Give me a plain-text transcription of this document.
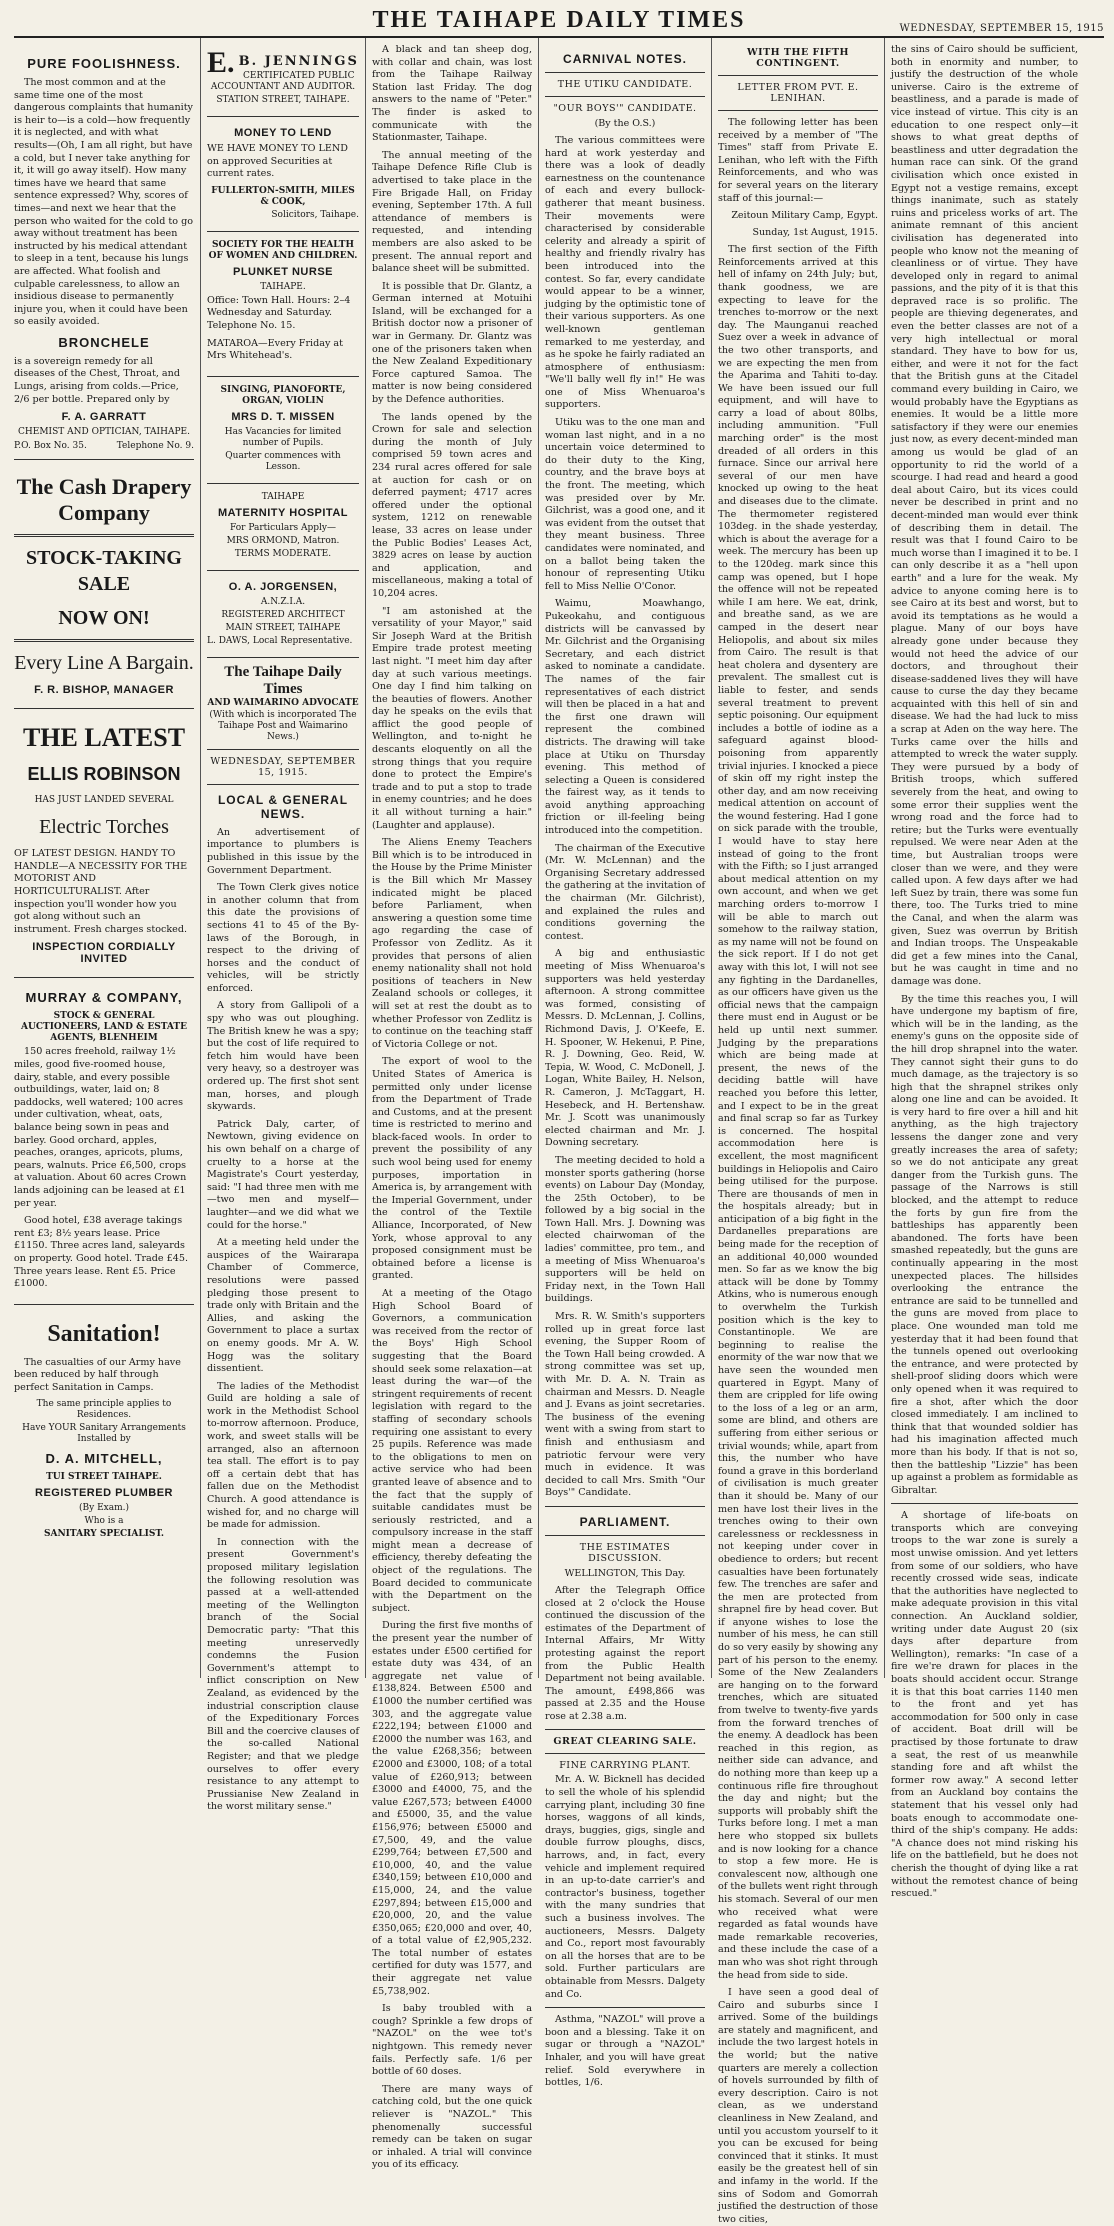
THE TAIHAPE DAILY TIMES	WEDNESDAY, SEPTEMBER 15, 1915
PURE FOOLISHNESS.

The most common and at the same time one of the most dangerous complaints that humanity is heir to—is a cold—how frequently it is neglected, and with what results—(Oh, I am all right, but have a cold, but I never take anything for it, it will go away itself). How many times have we heard that same sentence expressed? Why, scores of times—and next we hear that the person who waited for the cold to go away without treatment has been instructed by his medical attendant to sleep in a tent, because his lungs are affected. What foolish and culpable carelessness, to allow an insidious disease to permanently injure you, when it could have been so easily avoided.

BRONCHELE

is a sovereign remedy for all diseases of the Chest, Throat, and Lungs, arising from colds.—Price, 2/6 per bottle. Prepared only by

F. A. GARRATT
CHEMIST AND OPTICIAN, TAIHAPE.
P.O. Box No. 35.	Telephone No. 9.
The Cash Drapery Company
STOCK-TAKING SALE
NOW ON!
Every Line A Bargain.
F. R. BISHOP, MANAGER
THE LATEST
ELLIS ROBINSON
HAS JUST LANDED SEVERAL
Electric Torches

OF LATEST DESIGN. HANDY TO HANDLE—A NECESSITY FOR THE MOTORIST AND HORTICULTURALIST. After inspection you'll wonder how you got along without such an instrument. Fresh charges stocked.

INSPECTION CORDIALLY INVITED
MURRAY & COMPANY,
STOCK & GENERAL AUCTIONEERS, LAND & ESTATE AGENTS, BLENHEIM

150 acres freehold, railway 1½ miles, good five-roomed house, dairy, stable, and every possible outbuildings, water, laid on; 8 paddocks, well watered; 100 acres under cultivation, wheat, oats, balance being sown in peas and barley. Good orchard, apples, peaches, oranges, apricots, plums, pears, walnuts. Price £6,500, crops at valuation. About 60 acres Crown lands adjoining can be leased at £1 per year.

Good hotel, £38 average takings rent £3; 8½ years lease. Price £1150. Three acres land, saleyards on property. Good hotel. Trade £45. Three years lease. Rent £5. Price £1000.

Sanitation!

The casualties of our Army have been reduced by half through perfect Sanitation in Camps.

The same principle applies to Residences.
Have YOUR Sanitary Arrangements Installed by
D. A. MITCHELL,
TUI STREET TAIHAPE.
REGISTERED PLUMBER
(By Exam.)
Who is a
SANITARY SPECIALIST.
E. B. JENNINGS
CERTIFICATED PUBLIC ACCOUNTANT AND AUDITOR.
STATION STREET, TAIHAPE.
MONEY TO LEND

WE HAVE MONEY TO LEND on approved Securities at current rates.

FULLERTON-SMITH, MILES & COOK,
Solicitors, Taihape.
SOCIETY FOR THE HEALTH OF WOMEN AND CHILDREN.
PLUNKET NURSE
TAIHAPE.

Office: Town Hall. Hours: 2–4 Wednesday and Saturday. Telephone No. 15.

MATAROA—Every Friday at Mrs Whitehead's.

SINGING, PIANOFORTE, ORGAN, VIOLIN
MRS D. T. MISSEN
Has Vacancies for limited number of Pupils.
Quarter commences with Lesson.
TAIHAPE
MATERNITY HOSPITAL
For Particulars Apply—
MRS ORMOND, Matron.
TERMS MODERATE.
O. A. JORGENSEN,
A.N.Z.I.A.
REGISTERED ARCHITECT
MAIN STREET, TAIHAPE
L. DAWS, Local Representative.
The Taihape Daily Times
AND WAIMARINO ADVOCATE
(With which is incorporated The Taihape Post and Waimarino News.)
WEDNESDAY, SEPTEMBER 15, 1915.
LOCAL & GENERAL NEWS.

An advertisement of importance to plumbers is published in this issue by the Government Department.

The Town Clerk gives notice in another column that from this date the provisions of sections 41 to 45 of the By-laws of the Borough, in respect to the driving of horses and the conduct of vehicles, will be strictly enforced.

A story from Gallipoli of a spy who was out ploughing. The British knew he was a spy; but the cost of life required to fetch him would have been very heavy, so a destroyer was ordered up. The first shot sent man, horses, and plough skywards.

Patrick Daly, carter, of Newtown, giving evidence on his own behalf on a charge of cruelty to a horse at the Magistrate's Court yesterday, said: "I had three men with me—two men and myself—laughter—and we did what we could for the horse."

At a meeting held under the auspices of the Wairarapa Chamber of Commerce, resolutions were passed pledging those present to trade only with Britain and the Allies, and asking the Government to place a surtax on enemy goods. Mr A. W. Hogg was the solitary dissentient.

The ladies of the Methodist Guild are holding a sale of work in the Methodist School to-morrow afternoon. Produce, work, and sweet stalls will be arranged, also an afternoon tea stall. The effort is to pay off a certain debt that has fallen due on the Methodist Church. A good attendance is wished for, and no charge will be made for admission.

In connection with the present Government's proposed military legislation the following resolution was passed at a well-attended meeting of the Wellington branch of the Social Democratic party: "That this meeting unreservedly condemns the Fusion Government's attempt to inflict conscription on New Zealand, as evidenced by the industrial conscription clause of the Expeditionary Forces Bill and the coercive clauses of the so-called National Register; and that we pledge ourselves to offer every resistance to any attempt to Prussianise New Zealand in the worst military sense."

A black and tan sheep dog, with collar and chain, was lost from the Taihape Railway Station last Friday. The dog answers to the name of "Peter." The finder is asked to communicate with the Stationmaster, Taihape.

The annual meeting of the Taihape Defence Rifle Club is advertised to take place in the Fire Brigade Hall, on Friday evening, September 17th. A full attendance of members is requested, and intending members are also asked to be present. The annual report and balance sheet will be submitted.

It is possible that Dr. Glantz, a German interned at Motuihi Island, will be exchanged for a British doctor now a prisoner of war in Germany. Dr. Glantz was one of the prisoners taken when the New Zealand Expeditionary Force captured Samoa. The matter is now being considered by the Defence authorities.

The lands opened by the Crown for sale and selection during the month of July comprised 59 town acres and 234 rural acres offered for sale at auction for cash or on deferred payment; 4717 acres offered under the optional system, 1212 on renewable lease, 33 acres on lease under the Public Bodies' Leases Act, 3829 acres on lease by auction and application, and miscellaneous, making a total of 10,204 acres.

"I am astonished at the versatility of your Mayor," said Sir Joseph Ward at the British Empire trade protest meeting last night. "I meet him day after day at such various meetings. One day I find him talking on the beauties of flowers. Another day he speaks on the evils that afflict the good people of Wellington, and to-night he descants eloquently on all the strong things that you require done to protect the Empire's trade and to put a stop to trade in enemy countries; and he does it all without turning a hair." (Laughter and applause).

The Aliens Enemy Teachers Bill which is to be introduced in the House by the Prime Minister is the Bill which Mr Massey indicated might be placed before Parliament, when answering a question some time ago regarding the case of Professor von Zedlitz. As it provides that persons of alien enemy nationality shall not hold positions of teachers in New Zealand schools or colleges, it will set at rest the doubt as to whether Professor von Zedlitz is to continue on the teaching staff of Victoria College or not.

The export of wool to the United States of America is permitted only under license from the Department of Trade and Customs, and at the present time is restricted to merino and black-faced wools. In order to prevent the possibility of any such wool being used for enemy purposes, importation in America is, by arrangement with the Imperial Government, under the control of the Textile Alliance, Incorporated, of New York, whose approval to any proposed consignment must be obtained before a license is granted.

At a meeting of the Otago High School Board of Governors, a communication was received from the rector of the Boys' High School suggesting that the Board should seek some relaxation—at least during the war—of the stringent requirements of recent legislation with regard to the staffing of secondary schools requiring one assistant to every 25 pupils. Reference was made to the obligations to men on active service who had been granted leave of absence and to the fact that the supply of suitable candidates must be seriously restricted, and a compulsory increase in the staff might mean a decrease of efficiency, thereby defeating the object of the regulations. The Board decided to communicate with the Department on the subject.

During the first five months of the present year the number of estates under £500 certified for estate duty was 434, of an aggregate net value of £138,824. Between £500 and £1000 the number certified was 303, and the aggregate value £222,194; between £1000 and £2000 the number was 163, and the value £268,356; between £2000 and £3000, 108; of a total value of £260,913; between £3000 and £4000, 75, and the value £267,573; between £4000 and £5000, 35, and the value £156,976; between £5000 and £7,500, 49, and the value £299,764; between £7,500 and £10,000, 40, and the value £340,159; between £10,000 and £15,000, 24, and the value £297,894; between £15,000 and £20,000, 20, and the value £350,065; £20,000 and over, 40, of a total value of £2,905,232. The total number of estates certified for duty was 1577, and their aggregate net value £5,738,902.

Is baby troubled with a cough? Sprinkle a few drops of "NAZOL" on the wee tot's nightgown. This remedy never fails. Perfectly safe. 1/6 per bottle of 60 doses.

There are many ways of catching cold, but the one quick reliever is "NAZOL." This phenomenally successful remedy can be taken on sugar or inhaled. A trial will convince you of its efficacy.

CARNIVAL NOTES.
THE UTIKU CANDIDATE.
"OUR BOYS'" CANDIDATE.
(By the O.S.)

The various committees were hard at work yesterday and there was a look of deadly earnestness on the countenance of each and every bullock-gatherer that meant business. Their movements were characterised by considerable celerity and already a spirit of healthy and friendly rivalry has been introduced into the contest. So far, every candidate would appear to be a winner, judging by the optimistic tone of their various supporters. As one well-known gentleman remarked to me yesterday, and as he spoke he fairly radiated an atmosphere of enthusiasm: "We'll bally well fly in!" He was one of Miss Whenuaroa's supporters.

Utiku was to the one man and woman last night, and in a no uncertain voice determined to do their duty to the King, country, and the brave boys at the front. The meeting, which was presided over by Mr. Gilchrist, was a good one, and it was evident from the outset that they meant business. Three candidates were nominated, and on a ballot being taken the honour of representing Utiku fell to Miss Nellie O'Conor.

Waimu, Moawhango, Pukeokahu, and contiguous districts will be canvassed by Mr. Gilchrist and the Organising Secretary, and each district asked to nominate a candidate. The names of the fair representatives of each district will then be placed in a hat and the first one drawn will represent the combined districts. The drawing will take place at Utiku on Thursday evening. This method of selecting a Queen is considered the fairest way, as it tends to avoid anything approaching friction or ill-feeling being introduced into the competition.

The chairman of the Executive (Mr. W. McLennan) and the Organising Secretary addressed the gathering at the invitation of the chairman (Mr. Gilchrist), and explained the rules and conditions governing the contest.

A big and enthusiastic meeting of Miss Whenuaroa's supporters was held yesterday afternoon. A strong committee was formed, consisting of Messrs. D. McLennan, J. Collins, Richmond Davis, J. O'Keefe, E. H. Spooner, W. Hekenui, P. Pine, R. J. Downing, Geo. Reid, W. Tepia, W. Wood, C. McDonell, J. Logan, White Bailey, H. Nelson, R. Cameron, J. McTaggart, H. Hesebeck, and H. Bertenshaw. Mr. J. Scott was unanimously elected chairman and Mr. J. Downing secretary.

The meeting decided to hold a monster sports gathering (horse events) on Labour Day (Monday, the 25th October), to be followed by a big social in the Town Hall. Mrs. J. Downing was elected chairwoman of the ladies' committee, pro tem., and a meeting of Miss Whenuaroa's supporters will be held on Friday next, in the Town Hall buildings.

Mrs. R. W. Smith's supporters rolled up in great force last evening, the Supper Room of the Town Hall being crowded. A strong committee was set up, with Mr. D. A. N. Train as chairman and Messrs. D. Neagle and J. Evans as joint secretaries. The business of the evening went with a swing from start to finish and enthusiasm and patriotic fervour were very much in evidence. It was decided to call Mrs. Smith "Our Boys'" Candidate.

PARLIAMENT.
THE ESTIMATES DISCUSSION.
WELLINGTON, This Day.

After the Telegraph Office closed at 2 o'clock the House continued the discussion of the estimates of the Department of Internal Affairs, Mr Witty protesting against the report from the Public Health Department not being available. The amount, £498,866 was passed at 2.35 and the House rose at 2.38 a.m.

GREAT CLEARING SALE.
FINE CARRYING PLANT.

Mr. A. W. Bicknell has decided to sell the whole of his splendid carrying plant, including 30 fine horses, waggons of all kinds, drays, buggies, gigs, single and double furrow ploughs, discs, harrows, and, in fact, every vehicle and implement required in an up-to-date carrier's and contractor's business, together with the many sundries that such a business involves. The auctioneers, Messrs. Dalgety and Co., report most favourably on all the horses that are to be sold. Further particulars are obtainable from Messrs. Dalgety and Co.

Asthma, "NAZOL" will prove a boon and a blessing. Take it on sugar or through a "NAZOL" Inhaler, and you will have great relief. Sold everywhere in bottles, 1/6.

WITH THE FIFTH CONTINGENT.
LETTER FROM PVT. E. LENIHAN.

The following letter has been received by a member of "The Times" staff from Private E. Lenihan, who left with the Fifth Reinforcements, and who was for several years on the literary staff of this journal:—

Zeitoun Military Camp, Egypt.
Sunday, 1st August, 1915.

The first section of the Fifth Reinforcements arrived at this hell of infamy on 24th July; but, thank goodness, we are expecting to leave for the trenches to-morrow or the next day. The Maunganui reached Suez over a week in advance of the two other transports, and we are expecting the men from the Aparima and Tahiti to-day. We have been issued our full equipment, and will have to carry a load of about 80lbs, including ammunition. "Full marching order" is the most dreaded of all orders in this furnace. Since our arrival here several of our men have knocked up owing to the heat and diseases due to the climate. The thermometer registered 103deg. in the shade yesterday, which is about the average for a week. The mercury has been up to the 120deg. mark since this camp was opened, but I hope the offence will not be repeated while I am here. We eat, drink, and breathe sand, as we are camped in the desert near Heliopolis, and about six miles from Cairo. The result is that heat cholera and dysentery are prevalent. The smallest cut is liable to fester, and sends several treatment to prevent septic poisoning. Our equipment includes a bottle of iodine as a safeguard against blood-poisoning from apparently trivial injuries. I knocked a piece of skin off my right instep the other day, and am now receiving medical attention on account of the wound festering. Had I gone on sick parade with the trouble, I would have to stay here instead of going to the front with the Fifth; so I just arranged about medical attention on my own account, and when we get marching orders to-morrow I will be able to march out somehow to the railway station, as my name will not be found on the sick report. If I do not get away with this lot, I will not see any fighting in the Dardanelles, as our officers have given us the official news that the campaign there must end in August or be held up until next summer. Judging by the preparations which are being made at present, the news of the deciding battle will have reached you before this letter, and I expect to be in the great and final scrap so far as Turkey is concerned. The hospital accommodation here is excellent, the most magnificent buildings in Heliopolis and Cairo being utilised for the purpose. There are thousands of men in the hospitals already; but in anticipation of a big fight in the Dardanelles preparations are being made for the reception of an additional 40,000 wounded men. So far as we know the big attack will be done by Tommy Atkins, who is numerous enough to overwhelm the Turkish position which is the key to Constantinople. We are beginning to realise the enormity of the war now that we have seen the wounded men quartered in Egypt. Many of them are crippled for life owing to the loss of a leg or an arm, some are blind, and others are suffering from either serious or trivial wounds; while, apart from this, the number who have found a grave in this borderland of civilisation is much greater than it should be. Many of our men have lost their lives in the trenches owing to their own carelessness or recklessness in not keeping under cover in obedience to orders; but recent casualties have been fortunately few. The trenches are safer and the men are protected from shrapnel fire by head cover. But if anyone wishes to lose the number of his mess, he can still do so very easily by showing any part of his person to the enemy. Some of the New Zealanders are hanging on to the forward trenches, which are situated from twelve to twenty-five yards from the forward trenches of the enemy. A deadlock has been reached in this region, as neither side can advance, and do nothing more than keep up a continuous rifle fire throughout the day and night; but the supports will probably shift the Turks before long. I met a man here who stopped six bullets and is now looking for a chance to stop a few more. He is convalescent now, although one of the bullets went right through his stomach. Several of our men who received what were regarded as fatal wounds have made remarkable recoveries, and these include the case of a man who was shot right through the head from side to side.

I have seen a good deal of Cairo and suburbs since I arrived. Some of the buildings are stately and magnificent, and include the two largest hotels in the world; but the native quarters are merely a collection of hovels surrounded by filth of every description. Cairo is not clean, as we understand cleanliness in New Zealand, and until you accustom yourself to it you can be excused for being convinced that it stinks. It must easily be the greatest hell of sin and infamy in the world. If the sins of Sodom and Gomorrah justified the destruction of those two cities,

the sins of Cairo should be sufficient, both in enormity and number, to justify the destruction of the whole universe. Cairo is the extreme of beastliness, and a parade is made of vice instead of virtue. This city is an education to one respect only—it shows to what great depths of beastliness and utter degradation the human race can sink. Of the grand civilisation which once existed in Egypt not a vestige remains, except things inanimate, such as stately ruins and priceless works of art. The animate remnant of this ancient civilisation has degenerated into people who know not the meaning of cleanliness or of virtue. They have developed only in regard to animal passions, and the pity of it is that this depraved race is so prolific. The people are thieving degenerates, and even the better classes are not of a very high intellectual or moral standard. They have to bow for us, either, and were it not for the fact that the British guns at the Citadel command every building in Cairo, we would probably have the Egyptians as enemies. It would be a little more satisfactory if they were our enemies just now, as every decent-minded man among us would be glad of an opportunity to rid the world of a scourge. I had read and heard a good deal about Cairo, but its vices could never be described in print and no decent-minded man would ever think of describing them in detail. The result was that I found Cairo to be much worse than I imagined it to be. I can only describe it as a "hell upon earth" and a lure for the weak. My advice to anyone coming here is to see Cairo at its best and worst, but to avoid its temptations as he would a plague. Many of our boys have already gone under because they would not heed the advice of our doctors, and throughout their disease-saddened lives they will have cause to curse the day they became acquainted with this hell of sin and disease. We had the had luck to miss a scrap at Aden on the way here. The Turks came over the hills and attempted to wreck the water supply. They were pursued by a body of British troops, which suffered severely from the heat, and owing to some error their supplies went the wrong road and the force had to retire; but the Turks were eventually repulsed. We were near Aden at the time, but Australian troops were closer than we were, and they were called upon. A few days after we had left Suez by train, there was some fun there, too. The Turks tried to mine the Canal, and when the alarm was given, Suez was overrun by British and Indian troops. The Unspeakable did get a few mines into the Canal, but he was caught in time and no damage was done.

By the time this reaches you, I will have undergone my baptism of fire, which will be in the landing, as the enemy's guns on the opposite side of the hill drop shrapnel into the water. They cannot sight their guns to do much damage, as the trajectory is so high that the shrapnel strikes only along one line and can be avoided. It is very hard to fire over a hill and hit anything, as the high trajectory lessens the danger zone and very greatly increases the area of safety; so we do not anticipate any great danger from the Turkish guns. The passage of the Narrows is still blocked, and the attempt to reduce the forts by gun fire from the battleships has apparently been abandoned. The forts have been smashed repeatedly, but the guns are continually appearing in the most unexpected places. The hillsides overlooking the entrance the entrance are said to be tunnelled and the guns are moved from place to place. One wounded man told me yesterday that it had been found that the tunnels opened out overlooking the entrance, and were protected by shell-proof sliding doors which were only opened when it was required to fire a shot, after which the door closed immediately. I am inclined to think that that wounded soldier has had his imagination affected much more than his body. If that is not so, then the battleship "Lizzie" has been up against a problem as formidable as Gibraltar.

A shortage of life-boats on transports which are conveying troops to the war zone is surely a most unwise omission. And yet letters from some of our soldiers, who have recently crossed wide seas, indicate that the authorities have neglected to make adequate provision in this vital connection. An Auckland soldier, writing under date August 20 (six days after departure from Wellington), remarks: "In case of a fire we're drawn for places in the boats should accident occur. Strange it is that this boat carries 1140 men to the front and yet has accommodation for 500 only in case of accident. Boat drill will be practised by those fortunate to draw a seat, the rest of us meanwhile standing fore and aft whilst the former row away." A second letter from an Auckland boy contains the statement that his vessel only had boats enough to accommodate one-third of the ship's company. He adds: "A chance does not mind risking his life on the battlefield, but he does not cherish the thought of dying like a rat without the remotest chance of being rescued."
